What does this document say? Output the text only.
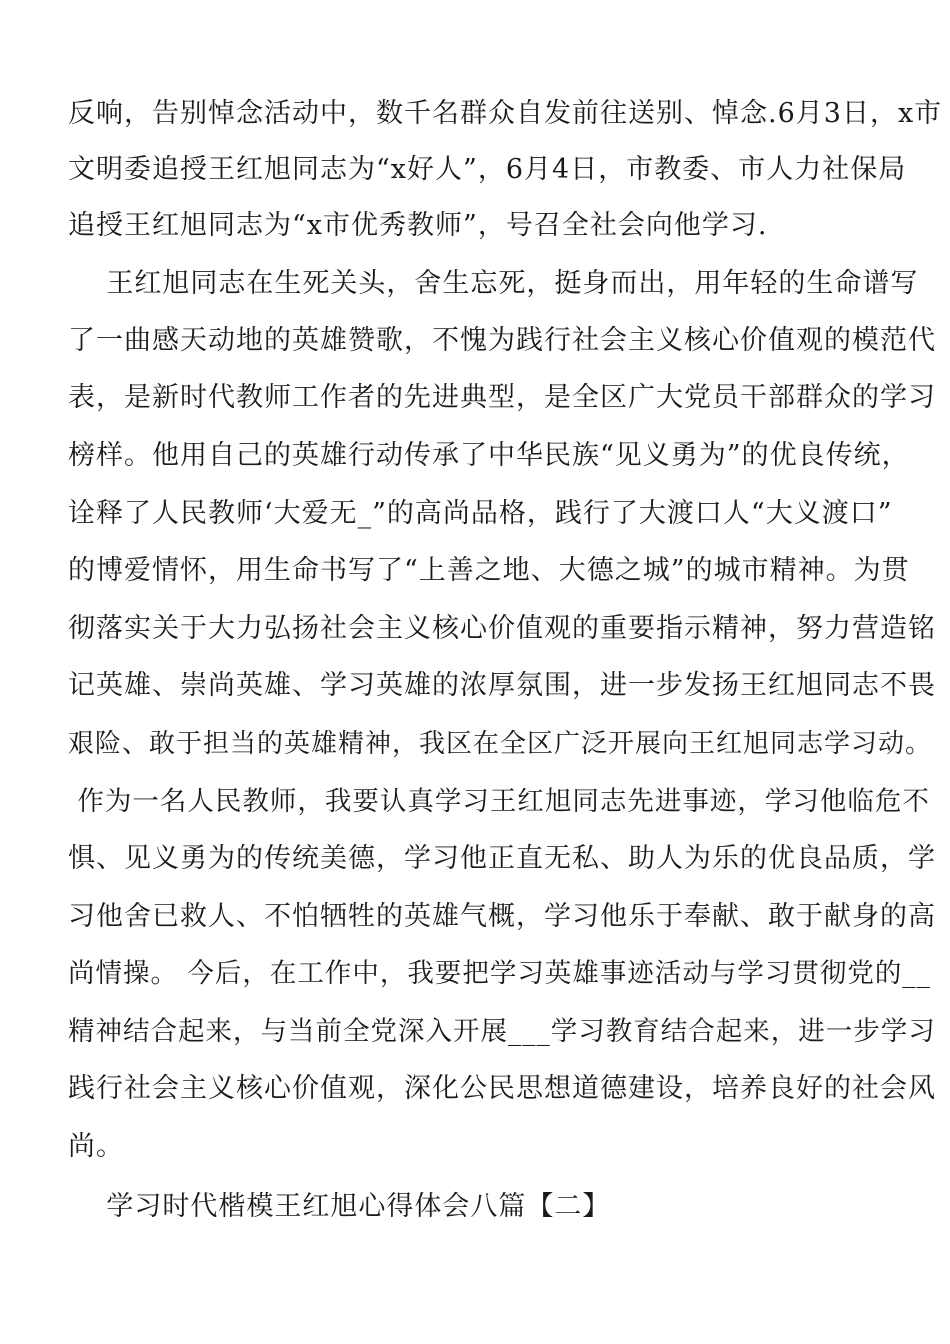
反响，告别悼念活动中，数千名群众自发前往送别、悼念.6月3日，x市
文明委追授王红旭同志为“x好人”，6月4日，市教委、市人力社保局
追授王红旭同志为“x市优秀教师”，号召全社会向他学习.
王红旭同志在生死关头，舍生忘死，挺身而出，用年轻的生命谱写
了一曲感天动地的英雄赞歌，不愧为践行社会主义核心价值观的模范代
表，是新时代教师工作者的先进典型，是全区广大党员干部群众的学习
榜样。他用自己的英雄行动传承了中华民族“见义勇为”的优良传统，
诠释了人民教师‘大爱无_”的高尚品格，践行了大渡口人“大义渡口”
的博爱情怀，用生命书写了“上善之地、大德之城”的城市精神。为贯
彻落实关于大力弘扬社会主义核心价值观的重要指示精神，努力营造铭
记英雄、崇尚英雄、学习英雄的浓厚氛围，进一步发扬王红旭同志不畏
艰险、敢于担当的英雄精神，我区在全区广泛开展向王红旭同志学习动。
作为一名人民教师，我要认真学习王红旭同志先进事迹，学习他临危不
惧、见义勇为的传统美德，学习他正直无私、助人为乐的优良品质，学
习他舍已救人、不怕牺牲的英雄气概，学习他乐于奉献、敢于献身的高
尚情操。 今后，在工作中，我要把学习英雄事迹活动与学习贯彻党的__
精神结合起来，与当前全党深入开展___学习教育结合起来，进一步学习
践行社会主义核心价值观，深化公民思想道德建设，培养良好的社会风
尚。
学习时代楷模王红旭心得体会八篇【二】
